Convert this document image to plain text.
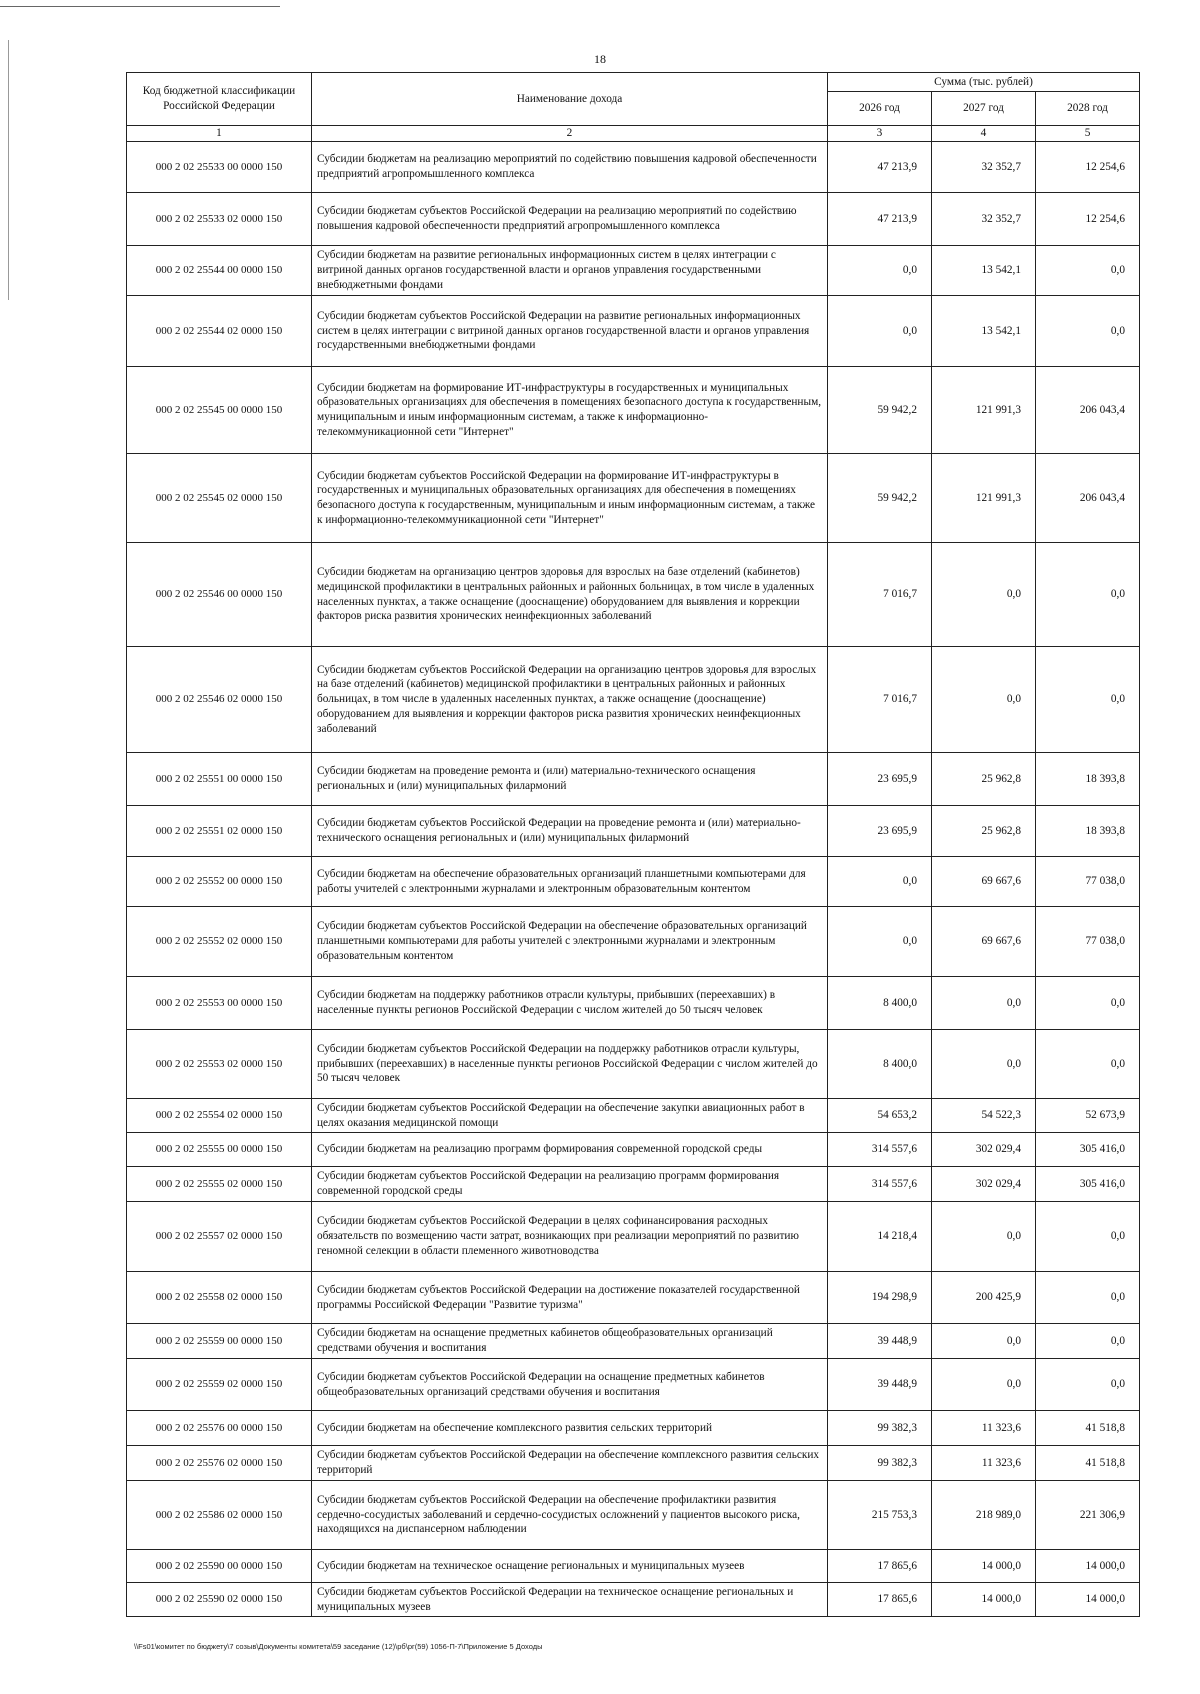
18
Код бюджетной классификации Российской Федерации	Наименование дохода	Сумма (тыс. рублей)		
		2026 год	2027 год	2028 год
1	2	3	4	5
000 2 02 25533 00 0000 150	Субсидии бюджетам на реализацию мероприятий по содействию повышения кадровой обеспеченности предприятий агропромышленного комплекса	47 213,9	32 352,7	12 254,6
000 2 02 25533 02 0000 150	Субсидии бюджетам субъектов Российской Федерации на реализацию мероприятий по содействию повышения кадровой обеспеченности предприятий агропромышленного комплекса	47 213,9	32 352,7	12 254,6
000 2 02 25544 00 0000 150	Субсидии бюджетам на развитие региональных информационных систем в целях интеграции с витриной данных органов государственной власти и органов управления государственными внебюджетными фондами	0,0	13 542,1	0,0
000 2 02 25544 02 0000 150	Субсидии бюджетам субъектов Российской Федерации на развитие региональных информационных систем в целях интеграции с витриной данных органов государственной власти и органов управления государственными внебюджетными фондами	0,0	13 542,1	0,0
000 2 02 25545 00 0000 150	Субсидии бюджетам на формирование ИТ-инфраструктуры в государственных и муниципальных образовательных организациях для обеспечения в помещениях безопасного доступа к государственным, муниципальным и иным информационным системам, а также к информационно-телекоммуникационной сети "Интернет"	59 942,2	121 991,3	206 043,4
000 2 02 25545 02 0000 150	Субсидии бюджетам субъектов Российской Федерации на формирование ИТ-инфраструктуры в государственных и муниципальных образовательных организациях для обеспечения в помещениях безопасного доступа к государственным, муниципальным и иным информационным системам, а также к информационно-телекоммуникационной сети "Интернет"	59 942,2	121 991,3	206 043,4
000 2 02 25546 00 0000 150	Субсидии бюджетам на организацию центров здоровья для взрослых на базе отделений (кабинетов) медицинской профилактики в центральных районных и районных больницах, в том числе в удаленных населенных пунктах, а также оснащение (дооснащение) оборудованием для выявления и коррекции факторов риска развития хронических неинфекционных заболеваний	7 016,7	0,0	0,0
000 2 02 25546 02 0000 150	Субсидии бюджетам субъектов Российской Федерации на организацию центров здоровья для взрослых на базе отделений (кабинетов) медицинской профилактики в центральных районных и районных больницах, в том числе в удаленных населенных пунктах, а также оснащение (дооснащение) оборудованием для выявления и коррекции факторов риска развития хронических неинфекционных заболеваний	7 016,7	0,0	0,0
000 2 02 25551 00 0000 150	Субсидии бюджетам на проведение ремонта и (или) материально-технического оснащения региональных и (или) муниципальных филармоний	23 695,9	25 962,8	18 393,8
000 2 02 25551 02 0000 150	Субсидии бюджетам субъектов Российской Федерации на проведение ремонта и (или) материально-технического оснащения региональных и (или) муниципальных филармоний	23 695,9	25 962,8	18 393,8
000 2 02 25552 00 0000 150	Субсидии бюджетам на обеспечение образовательных организаций планшетными компьютерами для работы учителей с электронными журналами и электронным образовательным контентом	0,0	69 667,6	77 038,0
000 2 02 25552 02 0000 150	Субсидии бюджетам субъектов Российской Федерации на обеспечение образовательных организаций планшетными компьютерами для работы учителей с электронными журналами и электронным образовательным контентом	0,0	69 667,6	77 038,0
000 2 02 25553 00 0000 150	Субсидии бюджетам на поддержку работников отрасли культуры, прибывших (переехавших) в населенные пункты регионов Российской Федерации с числом жителей до 50 тысяч человек	8 400,0	0,0	0,0
000 2 02 25553 02 0000 150	Субсидии бюджетам субъектов Российской Федерации на поддержку работников отрасли культуры, прибывших (переехавших) в населенные пункты регионов Российской Федерации с числом жителей до 50 тысяч человек	8 400,0	0,0	0,0
000 2 02 25554 02 0000 150	Субсидии бюджетам субъектов Российской Федерации на обеспечение закупки авиационных работ в целях оказания медицинской помощи	54 653,2	54 522,3	52 673,9
000 2 02 25555 00 0000 150	Субсидии бюджетам на реализацию программ формирования современной городской среды	314 557,6	302 029,4	305 416,0
000 2 02 25555 02 0000 150	Субсидии бюджетам субъектов Российской Федерации на реализацию программ формирования современной городской среды	314 557,6	302 029,4	305 416,0
000 2 02 25557 02 0000 150	Субсидии бюджетам субъектов Российской Федерации в целях софинансирования расходных обязательств по возмещению части затрат, возникающих при реализации мероприятий по развитию геномной селекции в области племенного животноводства	14 218,4	0,0	0,0
000 2 02 25558 02 0000 150	Субсидии бюджетам субъектов Российской Федерации на достижение показателей государственной программы Российской Федерации "Развитие туризма"	194 298,9	200 425,9	0,0
000 2 02 25559 00 0000 150	Субсидии бюджетам на оснащение предметных кабинетов общеобразовательных организаций средствами обучения и воспитания	39 448,9	0,0	0,0
000 2 02 25559 02 0000 150	Субсидии бюджетам субъектов Российской Федерации на оснащение предметных кабинетов общеобразовательных организаций средствами обучения и воспитания	39 448,9	0,0	0,0
000 2 02 25576 00 0000 150	Субсидии бюджетам на обеспечение комплексного развития сельских территорий	99 382,3	11 323,6	41 518,8
000 2 02 25576 02 0000 150	Субсидии бюджетам субъектов Российской Федерации на обеспечение комплексного развития сельских территорий	99 382,3	11 323,6	41 518,8
000 2 02 25586 02 0000 150	Субсидии бюджетам субъектов Российской Федерации на обеспечение профилактики развития сердечно-сосудистых заболеваний и сердечно-сосудистых осложнений у пациентов высокого риска, находящихся на диспансерном наблюдении	215 753,3	218 989,0	221 306,9
000 2 02 25590 00 0000 150	Субсидии бюджетам на техническое оснащение региональных и муниципальных музеев	17 865,6	14 000,0	14 000,0
000 2 02 25590 02 0000 150	Субсидии бюджетам субъектов Российской Федерации на техническое оснащение региональных и муниципальных музеев	17 865,6	14 000,0	14 000,0
\\Fs01\комитет по бюджету\7 созыв\Документы комитета\59 заседание (12)\рб\рг(59) 1056-П-7\Приложение 5 Доходы
